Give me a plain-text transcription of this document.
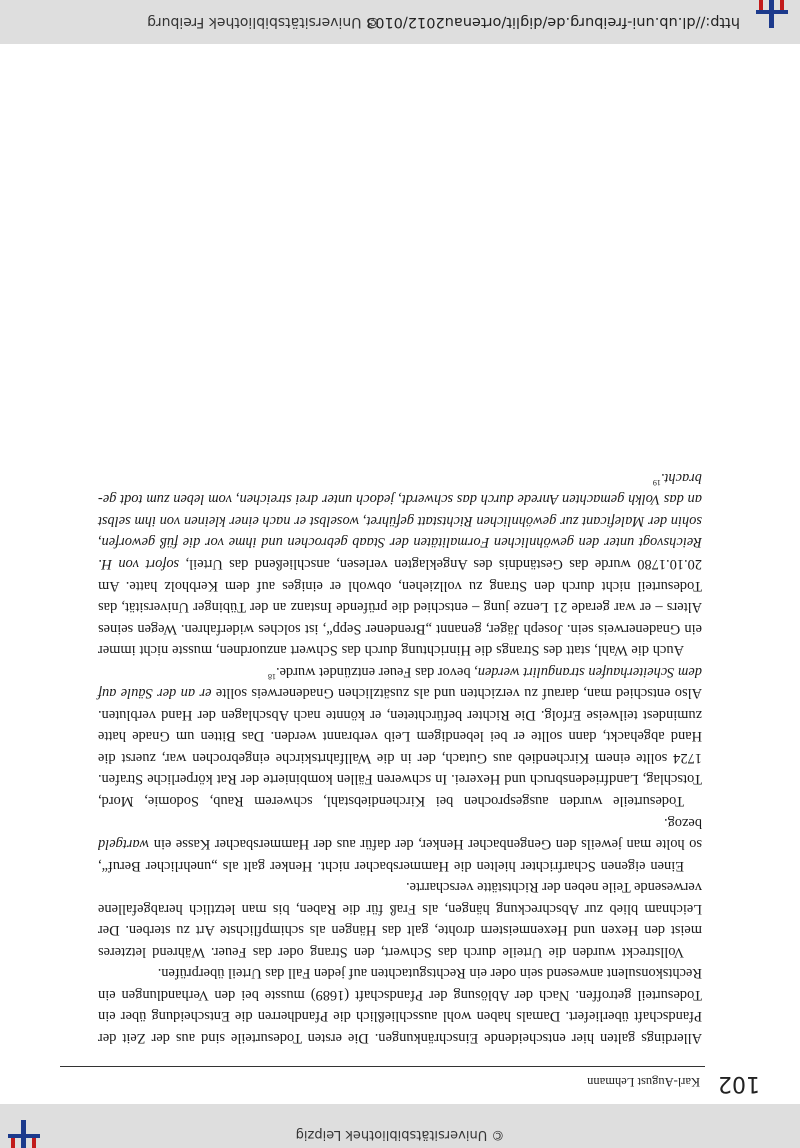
© Universitätsbibliothek Leipzig
102
Karl-August Lehmann

Allerdings galten hier entscheidende Einschränkungen. Die ersten Todesurteile sind aus der Zeit der Pfandschaft überliefert. Damals haben wohl ausschließlich die Pfandherren die Entscheidung über ein Todesurteil getroffen. Nach der Ablösung der Pfandschaft (1689) musste bei den Verhandlungen ein Rechtskonsulent anwesend sein oder ein Rechtsgutachten auf jeden Fall das Urteil überprüfen.

Vollstreckt wurden die Urteile durch das Schwert, den Strang oder das Feuer. Während letzteres meist den Hexen und Hexenmeistern drohte, galt das Hängen als schimpflichste Art zu sterben. Der Leichnam blieb zur Abschreckung hängen, als Fraß für die Raben, bis man letztlich herabgefallene verwesende Teile neben der Richtstätte verscharrte.

Einen eigenen Scharfrichter hielten die Hammersbacher nicht. Henker galt als „unehrlicher Beruf“, so holte man jeweils den Gengenbacher Henker, der dafür aus der Hammersbacher Kasse ein wartgeld bezog.

Todesurteile wurden ausgesprochen bei Kirchendiebstahl, schwerem Raub, Sodomie, Mord, Totschlag, Landfriedensbruch und Hexerei. In schweren Fällen kombinierte der Rat körperliche Strafen. 1724 sollte einem Kirchendieb aus Gutach, der in die Wallfahrtskirche eingebrochen war, zuerst die Hand abgehackt, dann sollte er bei lebendigem Leib verbrannt werden. Das Bitten um Gnade hatte zumindest teilweise Erfolg. Die Richter befürchteten, er könnte nach Abschlagen der Hand verbluten. Also entschied man, darauf zu verzichten und als zusätzlichen Gnadenerweis sollte er an der Säule auf dem Scheiterhaufen strangulirt werden, bevor das Feuer entzündet wurde.$^{18}$

Auch die Wahl, statt des Strangs die Hinrichtung durch das Schwert anzuordnen, musste nicht immer ein Gnadenerweis sein. Joseph Jäger, genannt „Brendener Sepp“, ist solches widerfahren. Wegen seines Alters – er war gerade 21 Lenze jung – entschied die prüfende Instanz an der Tübinger Universität, das Todesurteil nicht durch den Strang zu vollziehen, obwohl er einiges auf dem Kerbholz hatte. Am 20.10.1780 wurde das Geständnis des Angeklagten verlesen, anschließend das Urteil, sofort von H. Reichsvogt unter den gewöhnlichen Formalitäten der Staab gebrochen und ihme vor die füß geworfen, sohin der Maleficant zur gewöhnlichen Richtstatt geführet, woselbst er nach einer kleinen von ihm selbst an das Volkh gemachten Anrede durch das schwerdt, jedoch unter drei streichen, vom leben zum todt gebracht.$^{19}$

http://dl.ub.uni-freiburg.de/diglit/ortenau2012/0103
© Universitätsbibliothek Freiburg
